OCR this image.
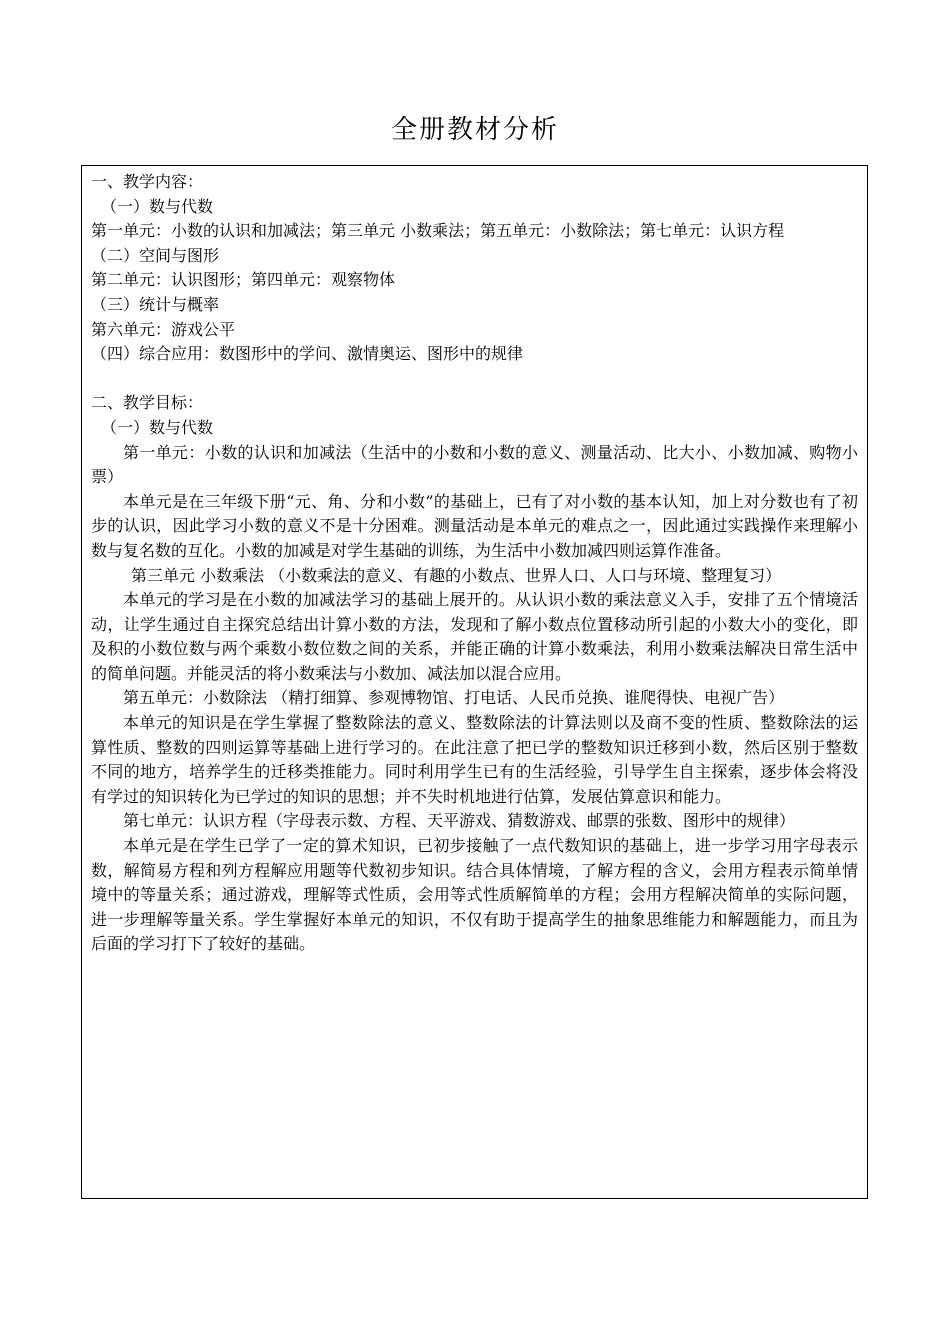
全册教材分析

一、教学内容：

（一）数与代数

第一单元：小数的认识和加减法；第三单元 小数乘法；第五单元：小数除法；第七单元：认识方程

（二）空间与图形

第二单元：认识图形；第四单元：观察物体

（三）统计与概率

第六单元：游戏公平

（四）综合应用：数图形中的学问、激情奥运、图形中的规律

二、教学目标：

（一）数与代数

第一单元：小数的认识和加减法（生活中的小数和小数的意义、测量活动、比大小、小数加减、购物小票）

本单元是在三年级下册“元、角、分和小数”的基础上，已有了对小数的基本认知，加上对分数也有了初步的认识，因此学习小数的意义不是十分困难。测量活动是本单元的难点之一，因此通过实践操作来理解小数与复名数的互化。小数的加减是对学生基础的训练，为生活中小数加减四则运算作准备。

第三单元 小数乘法 （小数乘法的意义、有趣的小数点、世界人口、人口与环境、整理复习）

本单元的学习是在小数的加减法学习的基础上展开的。从认识小数的乘法意义入手，安排了五个情境活动，让学生通过自主探究总结出计算小数的方法，发现和了解小数点位置移动所引起的小数大小的变化，即及积的小数位数与两个乘数小数位数之间的关系，并能正确的计算小数乘法，利用小数乘法解决日常生活中的简单问题。并能灵活的将小数乘法与小数加、减法加以混合应用。

第五单元：小数除法 （精打细算、参观博物馆、打电话、人民币兑换、谁爬得快、电视广告）

本单元的知识是在学生掌握了整数除法的意义、整数除法的计算法则以及商不变的性质、整数除法的运算性质、整数的四则运算等基础上进行学习的。在此注意了把已学的整数知识迁移到小数，然后区别于整数不同的地方，培养学生的迁移类推能力。同时利用学生已有的生活经验，引导学生自主探索，逐步体会将没有学过的知识转化为已学过的知识的思想；并不失时机地进行估算，发展估算意识和能力。

第七单元：认识方程（字母表示数、方程、天平游戏、猜数游戏、邮票的张数、图形中的规律）

本单元是在学生已学了一定的算术知识，已初步接触了一点代数知识的基础上，进一步学习用字母表示数，解简易方程和列方程解应用题等代数初步知识。结合具体情境，了解方程的含义，会用方程表示简单情境中的等量关系；通过游戏，理解等式性质，会用等式性质解简单的方程；会用方程解决简单的实际问题，进一步理解等量关系。学生掌握好本单元的知识，不仅有助于提高学生的抽象思维能力和解题能力，而且为后面的学习打下了较好的基础。
